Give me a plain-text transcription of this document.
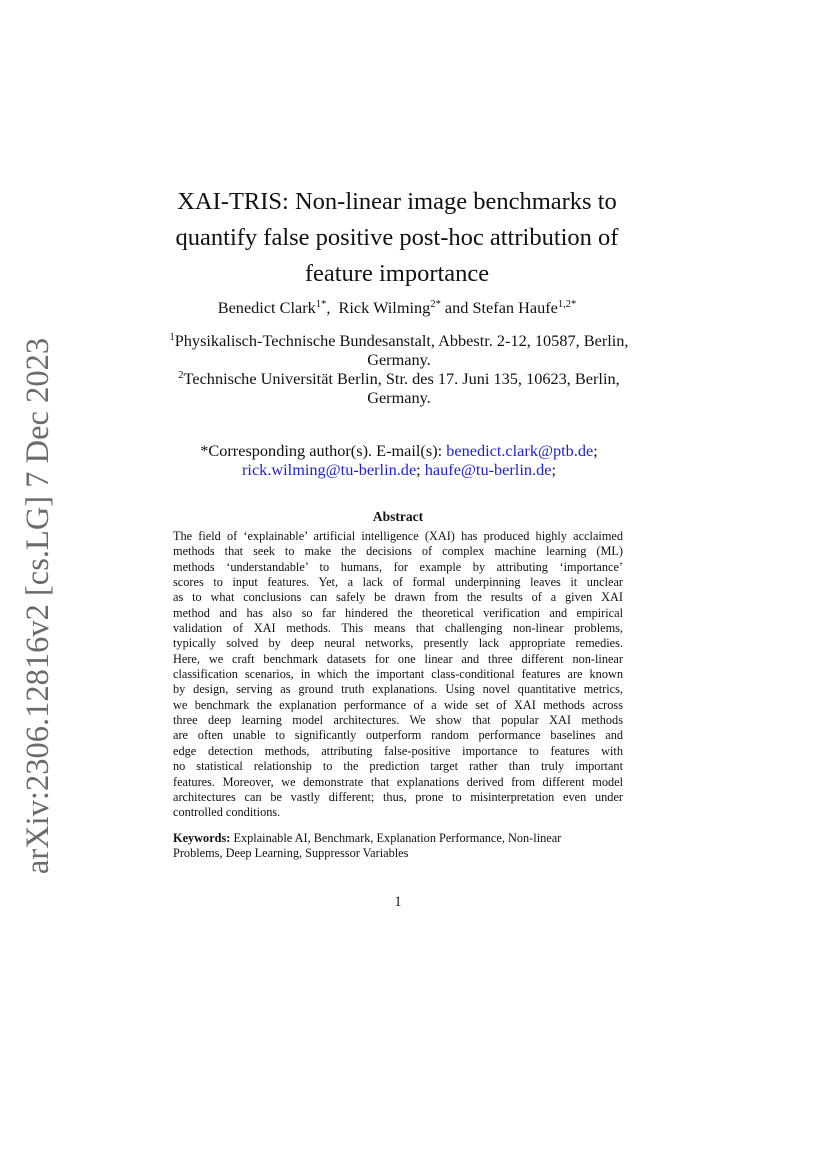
arXiv:2306.12816v2 [cs.LG] 7 Dec 2023
XAI-TRIS: Non-linear image benchmarks to
quantify false positive post-hoc attribution of
feature importance
Benedict Clark$^{1*}$,  Rick Wilming$^{2*}$ and Stefan Haufe$^{1,2*}$
$^1$Physikalisch-Technische Bundesanstalt, Abbestr. 2-12, 10587, Berlin,
Germany.
$^2$Technische Universität Berlin, Str. des 17. Juni 135, 10623, Berlin,
Germany.
*Corresponding author(s). E-mail(s): benedict.clark@ptb.de;
rick.wilming@tu-berlin.de; haufe@tu-berlin.de;
Abstract
The field of ‘explainable’ artificial intelligence (XAI) has produced highly acclaimed
methods that seek to make the decisions of complex machine learning (ML)
methods ‘understandable’ to humans, for example by attributing ‘importance’
scores to input features. Yet, a lack of formal underpinning leaves it unclear
as to what conclusions can safely be drawn from the results of a given XAI
method and has also so far hindered the theoretical verification and empirical
validation of XAI methods. This means that challenging non-linear problems,
typically solved by deep neural networks, presently lack appropriate remedies.
Here, we craft benchmark datasets for one linear and three different non-linear
classification scenarios, in which the important class-conditional features are known
by design, serving as ground truth explanations. Using novel quantitative metrics,
we benchmark the explanation performance of a wide set of XAI methods across
three deep learning model architectures. We show that popular XAI methods
are often unable to significantly outperform random performance baselines and
edge detection methods, attributing false-positive importance to features with
no statistical relationship to the prediction target rather than truly important
features. Moreover, we demonstrate that explanations derived from different model
architectures can be vastly different; thus, prone to misinterpretation even under
controlled conditions.
Keywords: Explainable AI, Benchmark, Explanation Performance, Non-linear
Problems, Deep Learning, Suppressor Variables
1
